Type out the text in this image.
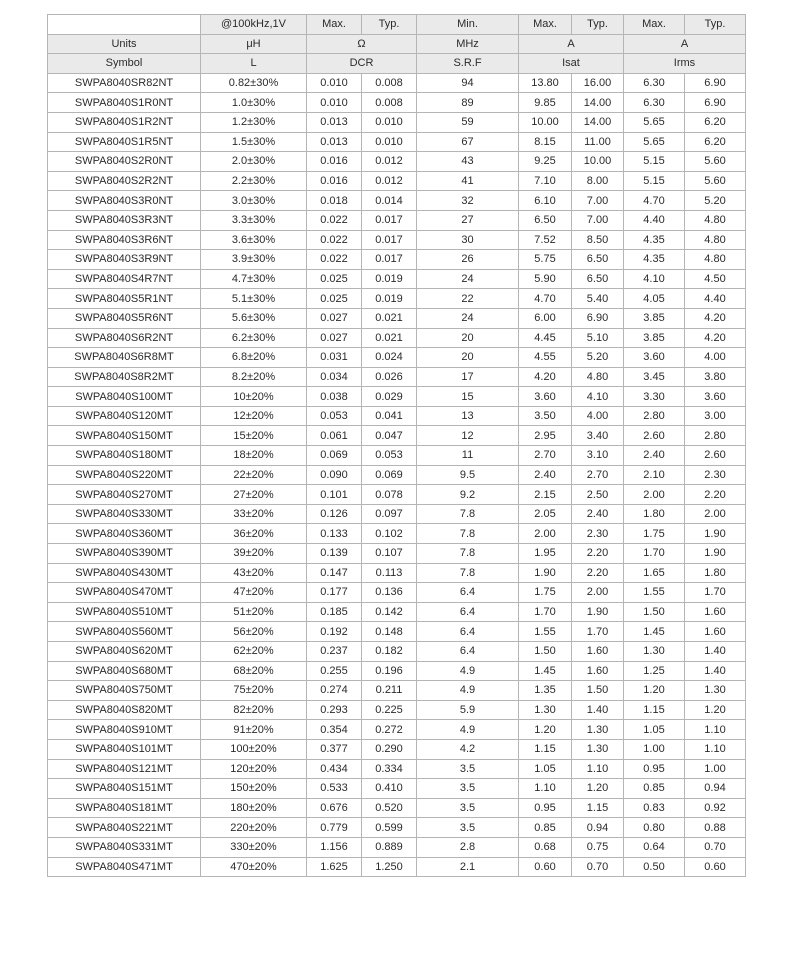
	@100kHz,1V	Max.	Typ.	Min.	Max.	Typ.	Max.	Typ.
Units	μH	Ω		MHz	A		A	
Symbol	L	DCR		S.R.F	Isat		Irms	
SWPA8040SR82NT	0.82±30%	0.010	0.008	94	13.80	16.00	6.30	6.90
SWPA8040S1R0NT	1.0±30%	0.010	0.008	89	9.85	14.00	6.30	6.90
SWPA8040S1R2NT	1.2±30%	0.013	0.010	59	10.00	14.00	5.65	6.20
SWPA8040S1R5NT	1.5±30%	0.013	0.010	67	8.15	11.00	5.65	6.20
SWPA8040S2R0NT	2.0±30%	0.016	0.012	43	9.25	10.00	5.15	5.60
SWPA8040S2R2NT	2.2±30%	0.016	0.012	41	7.10	8.00	5.15	5.60
SWPA8040S3R0NT	3.0±30%	0.018	0.014	32	6.10	7.00	4.70	5.20
SWPA8040S3R3NT	3.3±30%	0.022	0.017	27	6.50	7.00	4.40	4.80
SWPA8040S3R6NT	3.6±30%	0.022	0.017	30	7.52	8.50	4.35	4.80
SWPA8040S3R9NT	3.9±30%	0.022	0.017	26	5.75	6.50	4.35	4.80
SWPA8040S4R7NT	4.7±30%	0.025	0.019	24	5.90	6.50	4.10	4.50
SWPA8040S5R1NT	5.1±30%	0.025	0.019	22	4.70	5.40	4.05	4.40
SWPA8040S5R6NT	5.6±30%	0.027	0.021	24	6.00	6.90	3.85	4.20
SWPA8040S6R2NT	6.2±30%	0.027	0.021	20	4.45	5.10	3.85	4.20
SWPA8040S6R8MT	6.8±20%	0.031	0.024	20	4.55	5.20	3.60	4.00
SWPA8040S8R2MT	8.2±20%	0.034	0.026	17	4.20	4.80	3.45	3.80
SWPA8040S100MT	10±20%	0.038	0.029	15	3.60	4.10	3.30	3.60
SWPA8040S120MT	12±20%	0.053	0.041	13	3.50	4.00	2.80	3.00
SWPA8040S150MT	15±20%	0.061	0.047	12	2.95	3.40	2.60	2.80
SWPA8040S180MT	18±20%	0.069	0.053	11	2.70	3.10	2.40	2.60
SWPA8040S220MT	22±20%	0.090	0.069	9.5	2.40	2.70	2.10	2.30
SWPA8040S270MT	27±20%	0.101	0.078	9.2	2.15	2.50	2.00	2.20
SWPA8040S330MT	33±20%	0.126	0.097	7.8	2.05	2.40	1.80	2.00
SWPA8040S360MT	36±20%	0.133	0.102	7.8	2.00	2.30	1.75	1.90
SWPA8040S390MT	39±20%	0.139	0.107	7.8	1.95	2.20	1.70	1.90
SWPA8040S430MT	43±20%	0.147	0.113	7.8	1.90	2.20	1.65	1.80
SWPA8040S470MT	47±20%	0.177	0.136	6.4	1.75	2.00	1.55	1.70
SWPA8040S510MT	51±20%	0.185	0.142	6.4	1.70	1.90	1.50	1.60
SWPA8040S560MT	56±20%	0.192	0.148	6.4	1.55	1.70	1.45	1.60
SWPA8040S620MT	62±20%	0.237	0.182	6.4	1.50	1.60	1.30	1.40
SWPA8040S680MT	68±20%	0.255	0.196	4.9	1.45	1.60	1.25	1.40
SWPA8040S750MT	75±20%	0.274	0.211	4.9	1.35	1.50	1.20	1.30
SWPA8040S820MT	82±20%	0.293	0.225	5.9	1.30	1.40	1.15	1.20
SWPA8040S910MT	91±20%	0.354	0.272	4.9	1.20	1.30	1.05	1.10
SWPA8040S101MT	100±20%	0.377	0.290	4.2	1.15	1.30	1.00	1.10
SWPA8040S121MT	120±20%	0.434	0.334	3.5	1.05	1.10	0.95	1.00
SWPA8040S151MT	150±20%	0.533	0.410	3.5	1.10	1.20	0.85	0.94
SWPA8040S181MT	180±20%	0.676	0.520	3.5	0.95	1.15	0.83	0.92
SWPA8040S221MT	220±20%	0.779	0.599	3.5	0.85	0.94	0.80	0.88
SWPA8040S331MT	330±20%	1.156	0.889	2.8	0.68	0.75	0.64	0.70
SWPA8040S471MT	470±20%	1.625	1.250	2.1	0.60	0.70	0.50	0.60
